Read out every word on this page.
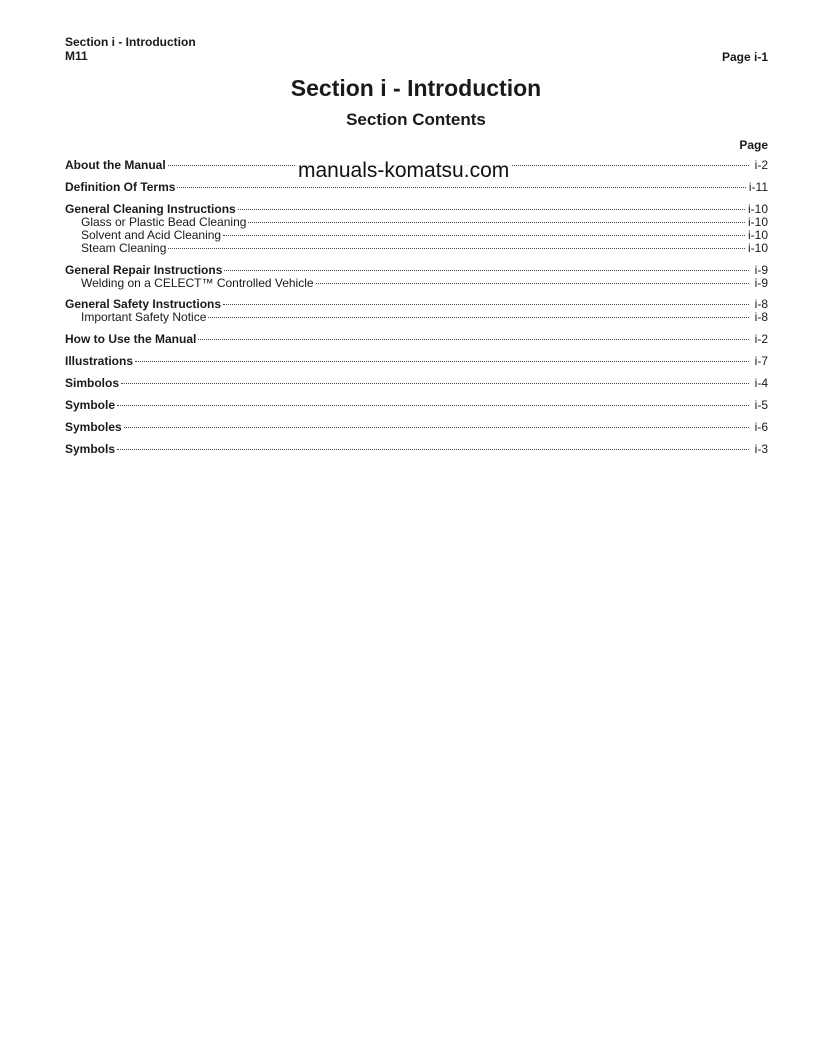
Section i - Introduction
M11	Page i-1
Section i - Introduction
Section Contents
Page
manuals-komatsu.com
About the Manual	i-2
Definition Of Terms	i-11
General Cleaning Instructions	i-10
Glass or Plastic Bead Cleaning	i-10
Solvent and Acid Cleaning	i-10
Steam Cleaning	i-10
General Repair Instructions	i-9
Welding on a CELECT™ Controlled Vehicle	i-9
General Safety Instructions	i-8
Important Safety Notice	i-8
How to Use the Manual	i-2
Illustrations	i-7
Simbolos	i-4
Symbole	i-5
Symboles	i-6
Symbols	i-3
